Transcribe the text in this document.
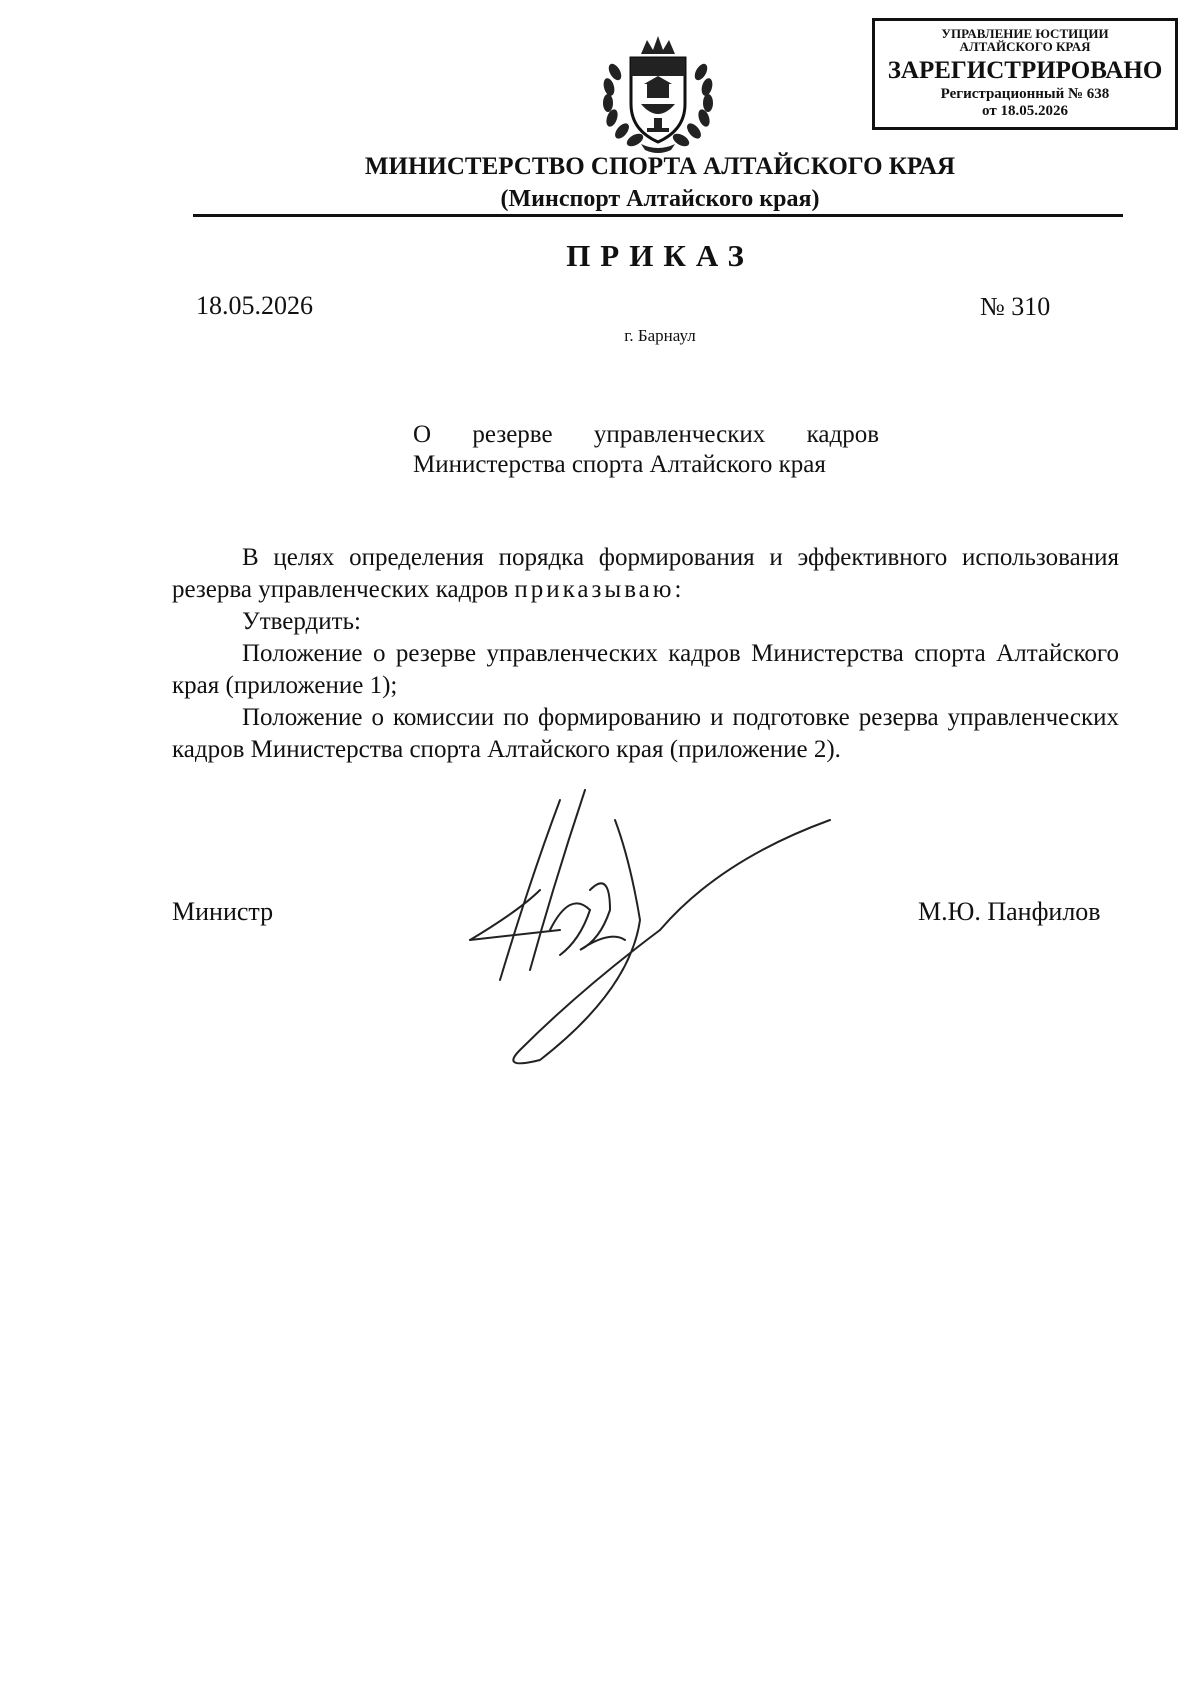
УПРАВЛЕНИЕ ЮСТИЦИИ
АЛТАЙСКОГО КРАЯ
ЗАРЕГИСТРИРОВАНО
Регистрационный № 638
от 18.05.2026
МИНИСТЕРСТВО СПОРТА АЛТАЙСКОГО КРАЯ
(Минспорт Алтайского края)
ПРИКАЗ
18.05.2026	№ 310
г. Барнаул
О резерве управленческих кадров
Министерства спорта Алтайского края
В целях определения порядка формирования и эффективного использования резерва управленческих кадров приказываю:
Утвердить:
Положение о резерве управленческих кадров Министерства спорта Алтайского края (приложение 1);
Положение о комиссии по формированию и подготовке резерва управленческих кадров Министерства спорта Алтайского края (приложение 2).
Министр	М.Ю. Панфилов
